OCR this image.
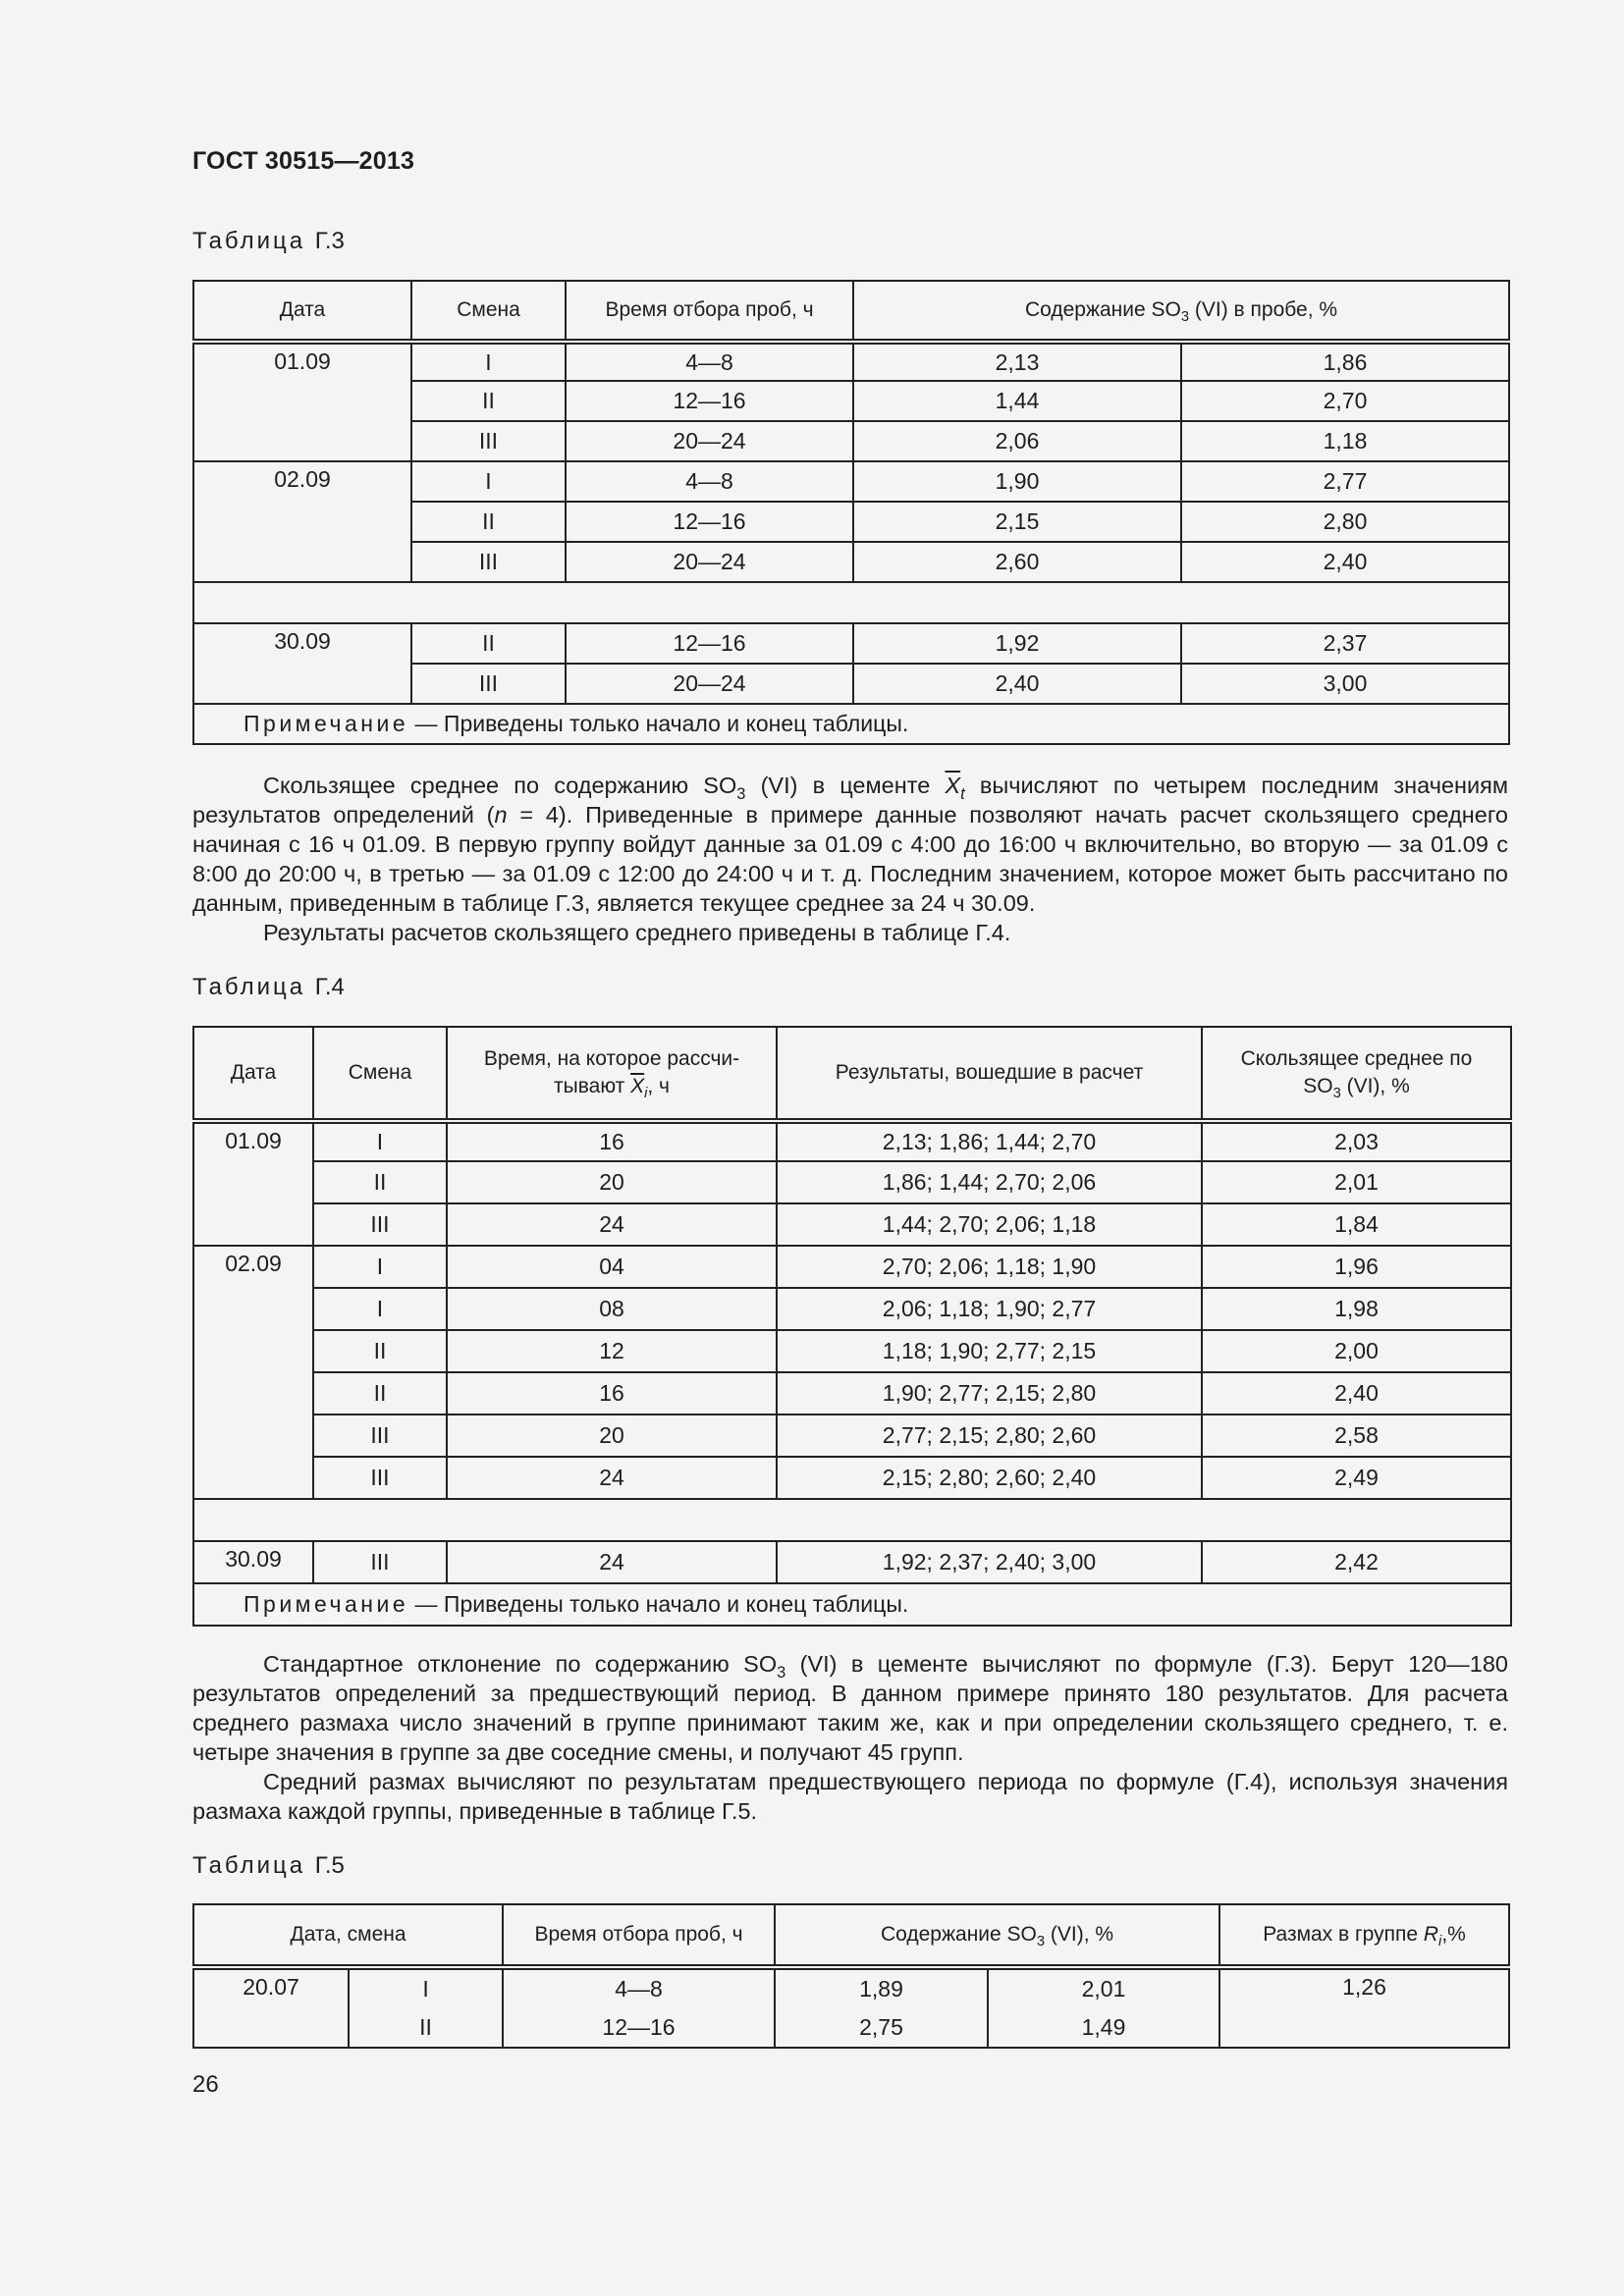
ГОСТ 30515—2013
Таблица Г.3
Дата	Смена	Время отбора проб, ч	Содержание $SO_3$ (VI) в пробе, %	
01.09	I	4—8	2,13	1,86
	II	12—16	1,44	2,70
	III	20—24	2,06	1,18
02.09	I	4—8	1,90	2,77
	II	12—16	2,15	2,80
	III	20—24	2,60	2,40

30.09	II	12—16	1,92	2,37
	III	20—24	2,40	3,00
Примечание — Приведены только начало и конец таблицы.				

Скользящее среднее по содержанию $SO_3$ (VI) в цементе $\overline{X}_t$ вычисляют по четырем последним значениям результатов определений (n = 4). Приведенные в примере данные позволяют начать расчет скользящего среднего начиная с 16 ч 01.09. В первую группу войдут данные за 01.09 с 4:00 до 16:00 ч включительно, во вторую — за 01.09 с 8:00 до 20:00 ч, в третью — за 01.09 с 12:00 до 24:00 ч и т. д. Последним значением, которое может быть рассчитано по данным, приведенным в таблице Г.3, является текущее среднее за 24 ч 30.09.

Результаты расчетов скользящего среднего приведены в таблице Г.4.

Таблица Г.4
Дата	Смена	Время, на которое рассчи-тывают $\overline{X}_i$, ч	Результаты, вошедшие в расчет	Скользящее среднее по $SO_3$ (VI), %
01.09	I	16	2,13; 1,86; 1,44; 2,70	2,03
	II	20	1,86; 1,44; 2,70; 2,06	2,01
	III	24	1,44; 2,70; 2,06; 1,18	1,84
02.09	I	04	2,70; 2,06; 1,18; 1,90	1,96
	I	08	2,06; 1,18; 1,90; 2,77	1,98
	II	12	1,18; 1,90; 2,77; 2,15	2,00
	II	16	1,90; 2,77; 2,15; 2,80	2,40
	III	20	2,77; 2,15; 2,80; 2,60	2,58
	III	24	2,15; 2,80; 2,60; 2,40	2,49

30.09	III	24	1,92; 2,37; 2,40; 3,00	2,42
Примечание — Приведены только начало и конец таблицы.				

Стандартное отклонение по содержанию $SO_3$ (VI) в цементе вычисляют по формуле (Г.3). Берут 120—180 результатов определений за предшествующий период. В данном примере принято 180 результатов. Для расчета среднего размаха число значений в группе принимают таким же, как и при определении скользящего среднего, т. е. четыре значения в группе за две соседние смены, и получают 45 групп.

Средний размах вычисляют по результатам предшествующего периода по формуле (Г.4), используя значения размаха каждой группы, приведенные в таблице Г.5.

Таблица Г.5
Дата, смена		Время отбора проб, ч	Содержание $SO_3$ (VI), %		Размах в группе $R_i,\%$
20.07	I	4—8	1,89	2,01	1,26
	II	12—16	2,75	1,49	
26
